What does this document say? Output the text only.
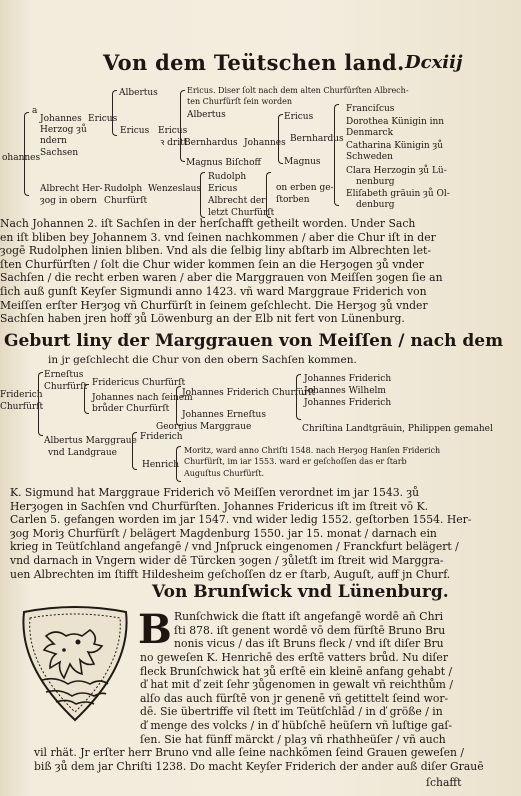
Von dem Teütschen land. Dcxiij
ohannes
a
Johannes
Herzog ȝů
ndern
Sachsen
Ericus
Albertus
Ericus Ericus
ꝛ dritt
Ericus. Diser ſolt nach dem alten Churfürſten Albrech-
ten Churfürſt ſein worden
Albertus
Bernhardus Johannes
Ericus
Bernhardus
Magnus Biſchoff	Magnus
Franciſcus
Dorothea Künigin inn
Denmarck
Catharina Künigin ȝů
Schweden
Clara Herzogin ȝů Lü-
nenburg
Eliſabeth gräuin ȝů Ol-
denburg
Albrecht Her-
ȝog in obern
Rudolph
Churfürſt
Wenzeslaus
Rudolph
Ericus
Albrecht der
letzt Churfürſt
on erben ge-
ſtorben
Nach Johannen 2. iſt Sachſen in der herſchafft getheilt worden. Under Sach
en iſt bliben bey Johannem 3. vnd ſeinen nachkommen / aber die Chur iſt in der
ȝogē Rudolphen linien bliben. Vnd als die ſelbig liny abſtarb im Albrechten let-
ſten Churfürſten / ſolt die Chur wider kommen ſein an die Herȝogen ȝů vnder
Sachſen / die recht erben waren / aber die Marggrauen von Meiſſen ȝogen ſie an
ſich auß gunſt Keyſer Sigmundi anno 1423. vñ ward Marggraue Friderich von
Meiſſen erſter Herȝog vñ Churfürſt in ſeinem geſchlecht. Die Herȝog ȝů vnder
Sachſen haben jren hoff ȝů Löwenburg an der Elb nit fert von Lünenburg.
Geburt liny der Marggrauen von Meiſſen / nach dem
in jr geſchlecht die Chur von den obern Sachſen kommen.
Friderich
Churfürſt
Erneſtus
Churfürſt Fridericus Churfürſt
Johannes nach ſeinem
brůder Churfürſt
Johannes Friderich Churfürſt
Johannes Erneſtus
Johannes Friderich
Johannes Wilhelm
Johannes Friderich
Georgius Marggraue	Chriſtina Landtgräuin, Philippen gemahel
Albertus Marggraue
vnd Landgraue
Friderich
Henrich
Moritz, ward anno Chriſti 1548. nach Herȝog Hanſen Friderich
Churfürſt, im iar 1553. ward er geſchoſſen das er ſtarb
Auguſtus Churfürſt.
K. Sigmund hat Marggraue Friderich vō Meiſſen verordnet im jar 1543. ȝů
Herȝogen in Sachſen vnd Churfürſten. Johannes Fridericus iſt im ſtreit vō K.
Carlen 5. gefangen worden im jar 1547. vnd wider ledig 1552. geſtorben 1554. Her-
ȝog Moriȝ Churfürſt / belägert Magdenburg 1550. jar 15. monat / darnach ein
krieg in Teütſchland angefangē / vnd Jnſpruck eingenomen / Franckfurt belägert /
vnd darnach in Vngern wider dē Türcken ȝogen / ȝůletſt im ſtreit wid Marggra-
uen Albrechten im ſtifft Hildesheim geſchoſſen dz er ſtarb, Auguſt, auff jn Churf.
Von Brunſwick vnd Lünenburg.
B Runſchwick die ſtatt iſt angefangē wordē añ Chri
ſti 878. iſt genent wordē vō dem fürſtē Bruno Bru
nonis vicus / das iſt Bruns fleck / vnd iſt diſer Bru
no geweſen K. Henrichē des erſtē vatters brůd. Nu diſer
fleck Brunſchwick hat ȝů erſtē ein kleinē anfang gehabt /
ď hat mit ď zeit ſehr ȝůgenomen in gewalt vñ reichthům /
alſo das auch fürſtē von jr genenē vñ getittelt ſeind wor-
dē. Sie übertriffe vil ſtett im Teütſchlād / in ď größe / in
ď menge des volcks / in ď hübſchē heüſern vñ luſtige gaſ-
ſen. Sie hat fünff märckt / plaȝ vñ rhathheüſer / vñ auch
vil rhät. Jr erſter herr Bruno vnd alle ſeine nachkōmen ſeind Grauen geweſen /
biß ȝů dem jar Chriſti 1238. Do macht Keyſer Friderich der ander auß diſer Grauē
ſchafft
